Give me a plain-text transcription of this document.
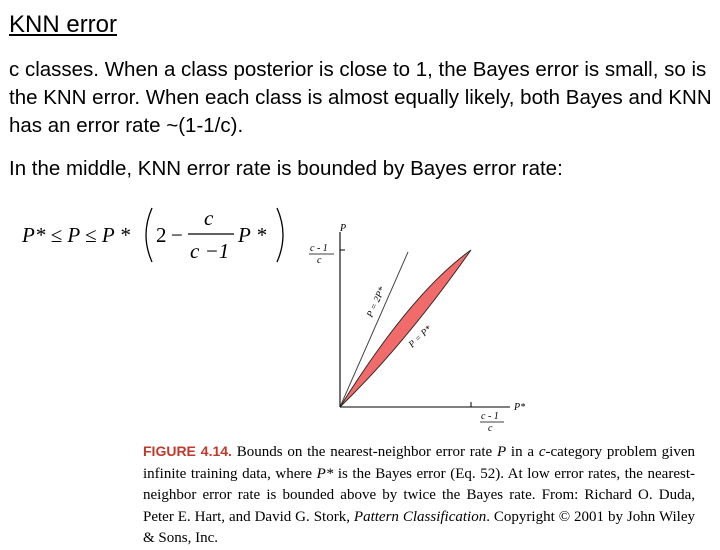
KNN error

c classes. When a class posterior is close to 1, the Bayes error is small, so is the KNN error. When each class is almost equally likely, both Bayes and KNN has an error rate ~(1-1/c).

In the middle, KNN error rate is bounded by Bayes error rate:

P* ≤ P ≤ P * 2 −
c
c −1
P *	P
P*
c - 1
c
c - 1
c
P = 2P*
P = P*

FIGURE 4.14. Bounds on the nearest-neighbor error rate P in a c-category problem given infinite training data, where P* is the Bayes error (Eq. 52). At low error rates, the nearest-neighbor error rate is bounded above by twice the Bayes rate. From: Richard O. Duda, Peter E. Hart, and David G. Stork, Pattern Classification. Copyright © 2001 by John Wiley & Sons, Inc.
